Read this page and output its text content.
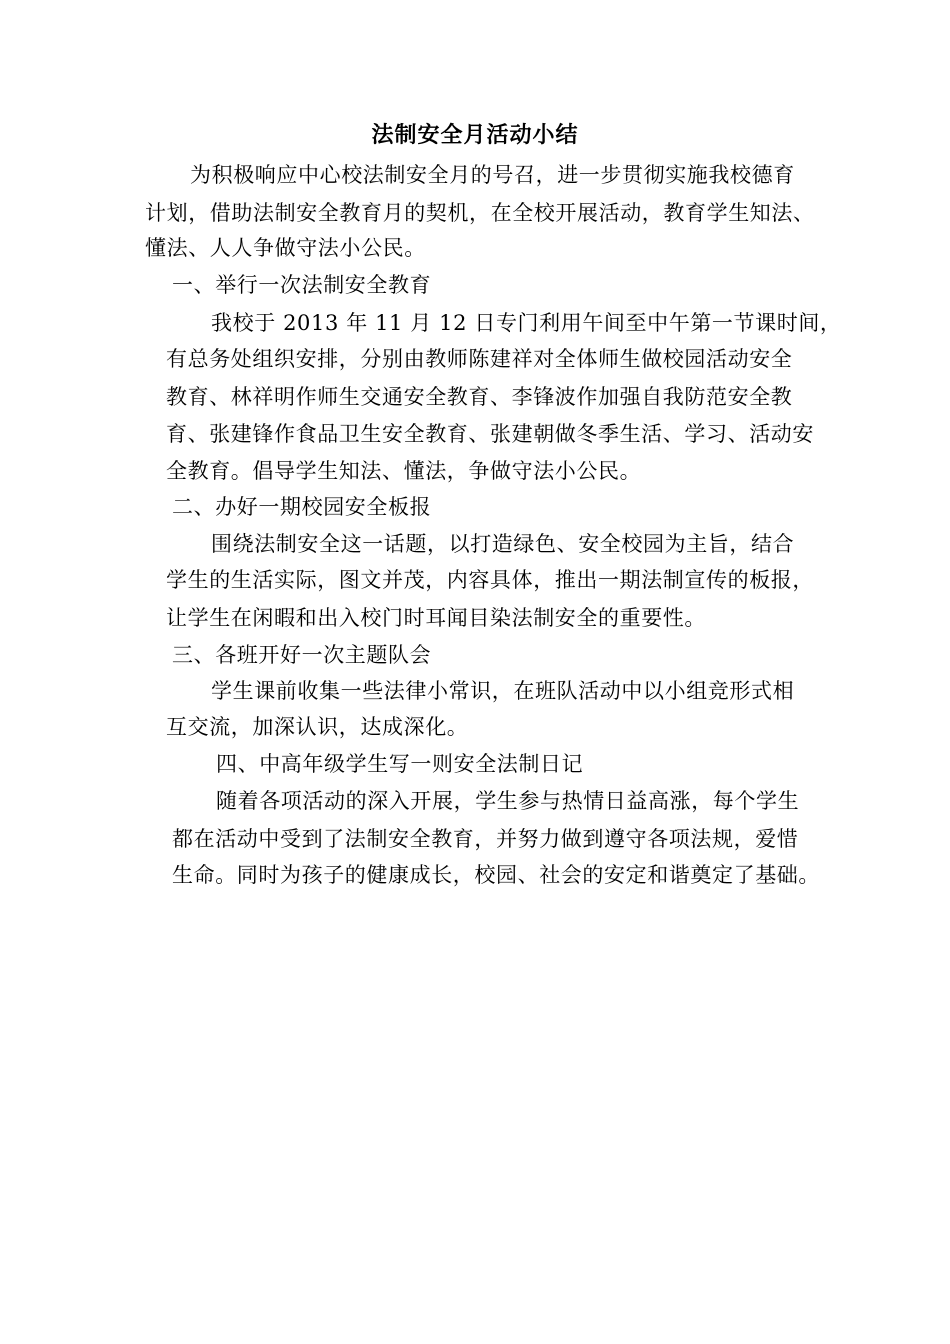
法制安全月活动小结
为积极响应中心校法制安全月的号召，进一步贯彻实施我校德育
计划，借助法制安全教育月的契机，在全校开展活动，教育学生知法、
懂法、人人争做守法小公民。
一、举行一次法制安全教育
我校于 2013 年 11 月 12 日专门利用午间至中午第一节课时间，
有总务处组织安排，分别由教师陈建祥对全体师生做校园活动安全
教育、林祥明作师生交通安全教育、李锋波作加强自我防范安全教
育、张建锋作食品卫生安全教育、张建朝做冬季生活、学习、活动安
全教育。倡导学生知法、懂法，争做守法小公民。
二、办好一期校园安全板报
围绕法制安全这一话题，以打造绿色、安全校园为主旨，结合
学生的生活实际，图文并茂，内容具体，推出一期法制宣传的板报，
让学生在闲暇和出入校门时耳闻目染法制安全的重要性。
三、各班开好一次主题队会
学生课前收集一些法律小常识，在班队活动中以小组竞形式相
互交流，加深认识，达成深化。
四、中高年级学生写一则安全法制日记
随着各项活动的深入开展，学生参与热情日益高涨，每个学生
都在活动中受到了法制安全教育，并努力做到遵守各项法规，爱惜
生命。同时为孩子的健康成长，校园、社会的安定和谐奠定了基础。
